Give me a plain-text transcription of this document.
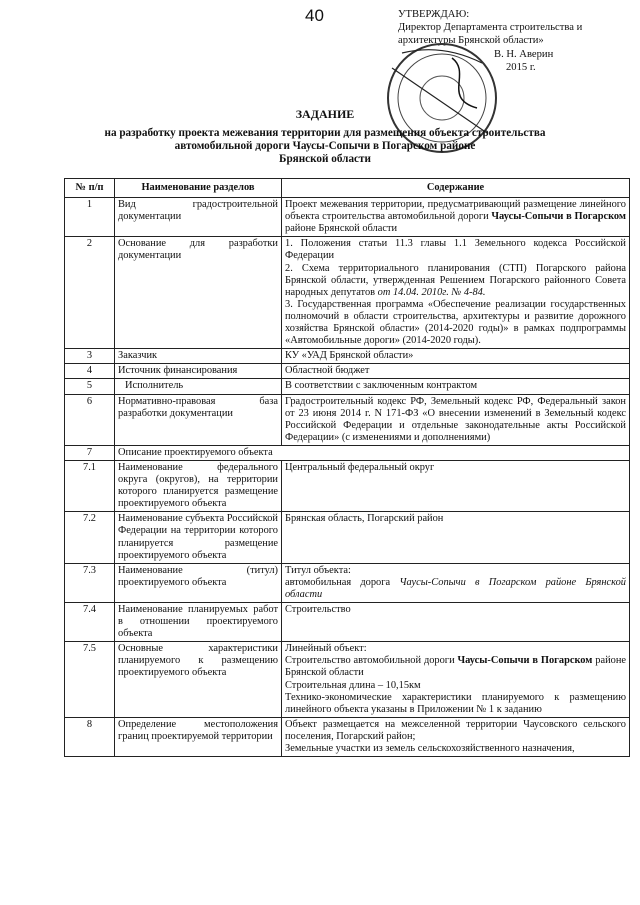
40	УТВЕРЖДАЮ:
Директор Департамента строительства и
архитектуры Брянской области»
В. Н. Аверин
2015 г.
ЗАДАНИЕ
на разработку проекта межевания территории для размещения объекта строительства
автомобильной дороги Чаусы-Сопычи в Погарском районе
Брянской области
№ п/п	Наименование разделов	Содержание
1	Вид градостроительной документации	Проект межевания территории, предусматривающий размещение линейного объекта строительства автомобильной дороги Чаусы-Сопычи в Погарском районе Брянской области
2	Основание для разработки документации	1. Положения статьи 11.3 главы 1.1 Земельного кодекса Российской Федерации
2. Схема территориального планирования (СТП) Погарского района Брянской области, утвержденная Решением Погарского районного Совета народных депутатов от 14.04. 2010г. № 4-84.
3. Государственная программа «Обеспечение реализации государственных полномочий в области строительства, архитектуры и развитие дорожного хозяйства Брянской области» (2014-2020 годы)» в рамках подпрограммы «Автомобильные дороги» (2014-2020 годы).

3	Заказчик	КУ «УАД Брянской области»
4	Источник финансирования	Областной бюджет
5	Исполнитель	В соответствии с заключенным контрактом
6	Нормативно-правовая база разработки документации	Градостроительный кодекс РФ, Земельный кодекс РФ, Федеральный закон от 23 июня 2014 г. N 171-ФЗ «О внесении изменений в Земельный кодекс Российской Федерации и отдельные законодательные акты Российской Федерации» (с изменениями и дополнениями)
7	Описание проектируемого объекта	
7.1	Наименование федерального округа (округов), на территории которого планируется размещение проектируемого объекта	Центральный федеральный округ
7.2	Наименование субъекта Российской Федерации на территории которого планируется размещение проектируемого объекта	Брянская область, Погарский район
7.3	Наименование (титул) проектируемого объекта	Титул объекта:
автомобильная дорога Чаусы-Сопычи в Погарском районе Брянской области

7.4	Наименование планируемых работ в отношении проектируемого объекта	Строительство
7.5	Основные характеристики планируемого к размещению проектируемого объекта	Линейный объект:
Строительство автомобильной дороги Чаусы-Сопычи в Погарском районе Брянской области
Строительная длина – 10,15км
Технико-экономические характеристики планируемого к размещению линейного объекта указаны в Приложении № 1 к заданию

8	Определение местоположения границ проектируемой территории	Объект размещается на межселенной территории Чаусовского сельского поселения, Погарский район;
Земельные участки из земель сельскохозяйственного назначения,
